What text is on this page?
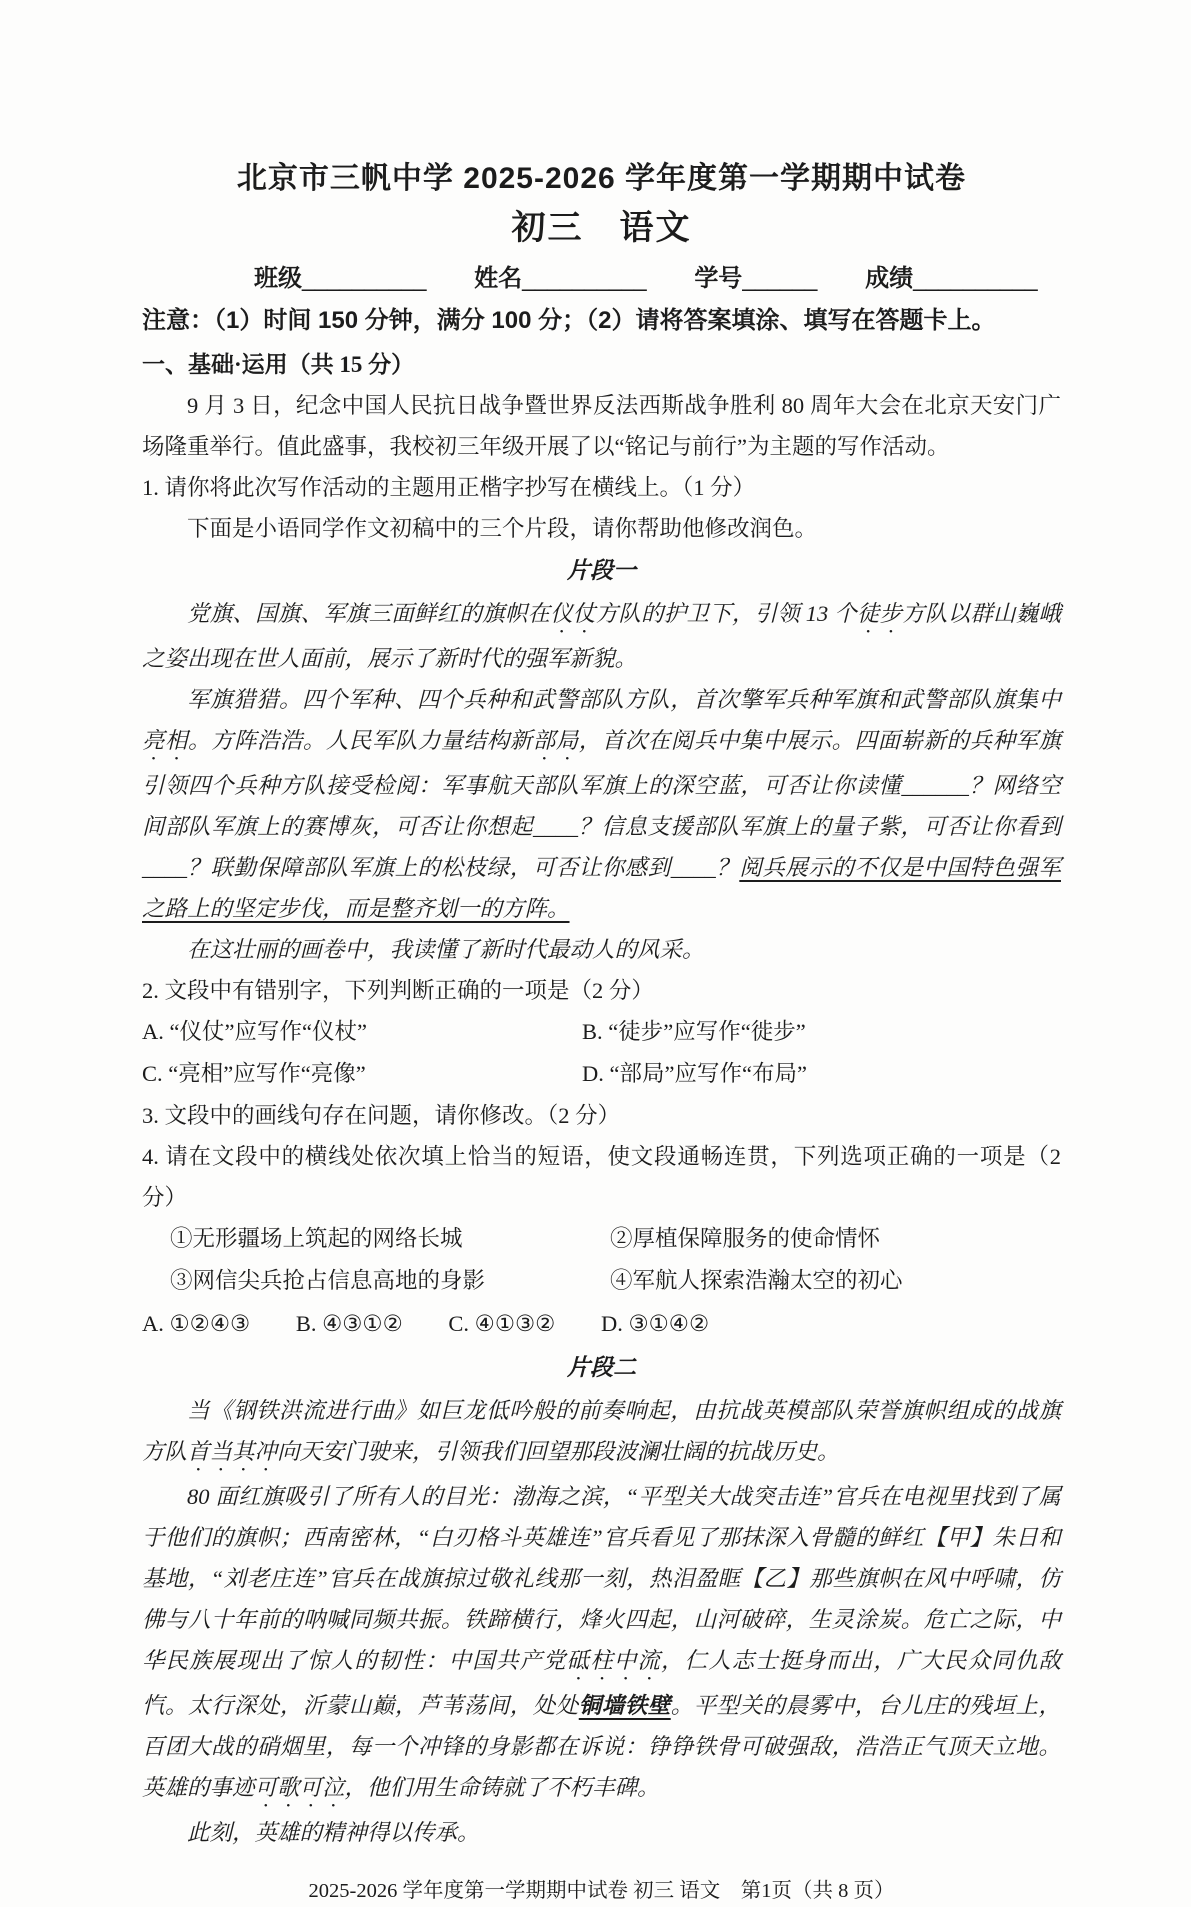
北京市三帆中学 2025-2026 学年度第一学期期中试卷
初三　语文
班级__________ 姓名__________ 学号______ 成绩__________

注意：（1）时间 150 分钟，满分 100 分；（2）请将答案填涂、填写在答题卡上。

一、基础·运用（共 15 分）

9 月 3 日，纪念中国人民抗日战争暨世界反法西斯战争胜利 80 周年大会在北京天安门广场隆重举行。值此盛事，我校初三年级开展了以“铭记与前行”为主题的写作活动。

1. 请你将此次写作活动的主题用正楷字抄写在横线上。（1 分）

下面是小语同学作文初稿中的三个片段，请你帮助他修改润色。

片段一

党旗、国旗、军旗三面鲜红的旗帜在仪仗方队的护卫下，引领 13 个徒步方队以群山巍峨之姿出现在世人面前，展示了新时代的强军新貌。

军旗猎猎。四个军种、四个兵种和武警部队方队，首次擎军兵种军旗和武警部队旗集中亮相。方阵浩浩。人民军队力量结构新部局，首次在阅兵中集中展示。四面崭新的兵种军旗引领四个兵种方队接受检阅：军事航天部队军旗上的深空蓝，可否让你读懂______？网络空间部队军旗上的赛博灰，可否让你想起____？信息支援部队军旗上的量子紫，可否让你看到____？联勤保障部队军旗上的松枝绿，可否让你感到____？阅兵展示的不仅是中国特色强军之路上的坚定步伐，而是整齐划一的方阵。

在这壮丽的画卷中，我读懂了新时代最动人的风采。

2. 文段中有错别字，下列判断正确的一项是（2 分）

A. “仪仗”应写作“仪杖”	B. “徒步”应写作“徙步”
C. “亮相”应写作“亮像”	D. “部局”应写作“布局”

3. 文段中的画线句存在问题，请你修改。（2 分）

4. 请在文段中的横线处依次填上恰当的短语，使文段通畅连贯，下列选项正确的一项是（2 分）

①无形疆场上筑起的网络长城	②厚植保障服务的使命情怀
③网信尖兵抢占信息高地的身影	④军航人探索浩瀚太空的初心
A. ①②④③ B. ④③①② C. ④①③② D. ③①④②

片段二

当《钢铁洪流进行曲》如巨龙低吟般的前奏响起，由抗战英模部队荣誉旗帜组成的战旗方队首当其冲向天安门驶来，引领我们回望那段波澜壮阔的抗战历史。

80 面红旗吸引了所有人的目光：渤海之滨，“平型关大战突击连”官兵在电视里找到了属于他们的旗帜；西南密林，“白刃格斗英雄连”官兵看见了那抹深入骨髓的鲜红【甲】朱日和基地，“刘老庄连”官兵在战旗掠过敬礼线那一刻，热泪盈眶【乙】那些旗帜在风中呼啸，仿佛与八十年前的呐喊同频共振。铁蹄横行，烽火四起，山河破碎，生灵涂炭。危亡之际，中华民族展现出了惊人的韧性：中国共产党砥柱中流，仁人志士挺身而出，广大民众同仇敌忾。太行深处，沂蒙山巅，芦苇荡间，处处铜墙铁壁。平型关的晨雾中，台儿庄的残垣上，百团大战的硝烟里，每一个冲锋的身影都在诉说：铮铮铁骨可破强敌，浩浩正气顶天立地。英雄的事迹可歌可泣，他们用生命铸就了不朽丰碑。

此刻，英雄的精神得以传承。

2025-2026 学年度第一学期期中试卷 初三 语文　第1页（共 8 页）
